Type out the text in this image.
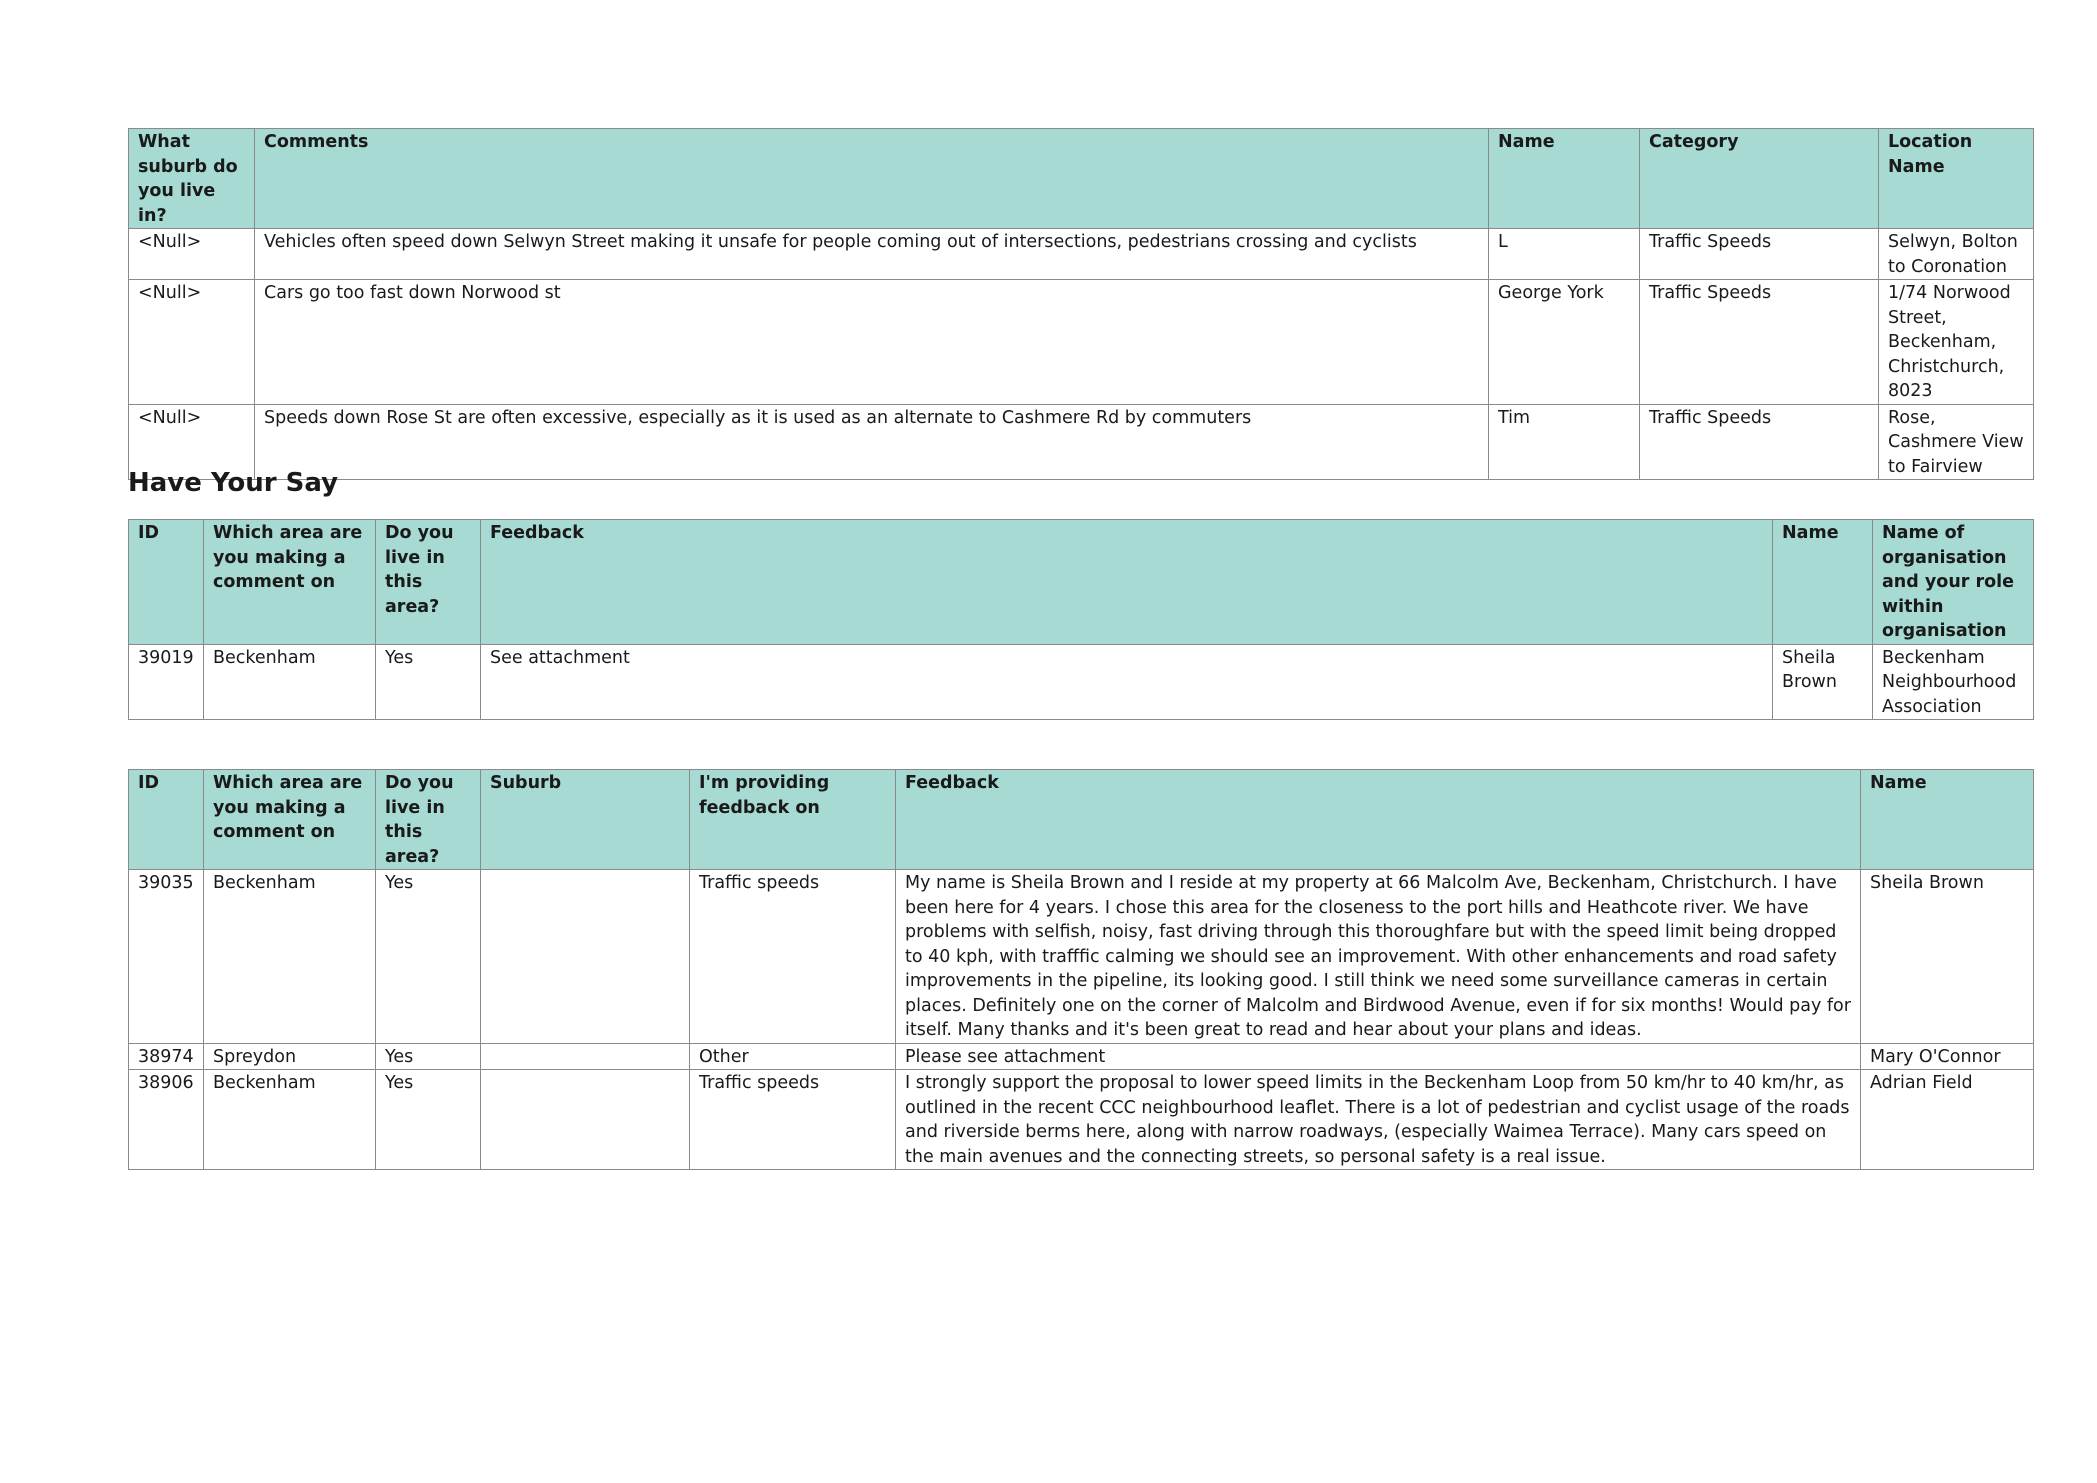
What suburb do you live in?	Comments	Name	Category	Location Name
<Null>	Vehicles often speed down Selwyn Street making it unsafe for people coming out of intersections, pedestrians crossing and cyclists	L	Traffic Speeds	Selwyn, Bolton to Coronation
<Null>	Cars go too fast down Norwood st	George York	Traffic Speeds	1/74 Norwood Street, Beckenham, Christchurch, 8023
<Null>	Speeds down Rose St are often excessive, especially as it is used as an alternate to Cashmere Rd by commuters	Tim	Traffic Speeds	Rose, Cashmere View to Fairview
Have Your Say
ID	Which area are you making a comment on	Do you live in this area?	Feedback	Name	Name of organisation and your role within organisation
39019	Beckenham	Yes	See attachment	Sheila Brown	Beckenham Neighbourhood Association
ID	Which area are you making a comment on	Do you live in this area?	Suburb	I'm providing feedback on	Feedback	Name
39035	Beckenham	Yes		Traffic speeds	My name is Sheila Brown and I reside at my property at 66 Malcolm Ave, Beckenham, Christchurch. I have been here for 4 years. I chose this area for the closeness to the port hills and Heathcote river. We have problems with selfish, noisy, fast driving through this thoroughfare but with the speed limit being dropped to 40 kph, with trafffic calming we should see an improvement. With other enhancements and road safety improvements in the pipeline, its looking good. I still think we need some surveillance cameras in certain places. Definitely one on the corner of Malcolm and Birdwood Avenue, even if for six months! Would pay for itself. Many thanks and it's been great to read and hear about your plans and ideas.	Sheila Brown
38974	Spreydon	Yes		Other	Please see attachment	Mary O'Connor
38906	Beckenham	Yes		Traffic speeds	I strongly support the proposal to lower speed limits in the Beckenham Loop from 50 km/hr to 40 km/hr, as outlined in the recent CCC neighbourhood leaflet. There is a lot of pedestrian and cyclist usage of the roads and riverside berms here, along with narrow roadways, (especially Waimea Terrace). Many cars speed on the main avenues and the connecting streets, so personal safety is a real issue.	Adrian Field
